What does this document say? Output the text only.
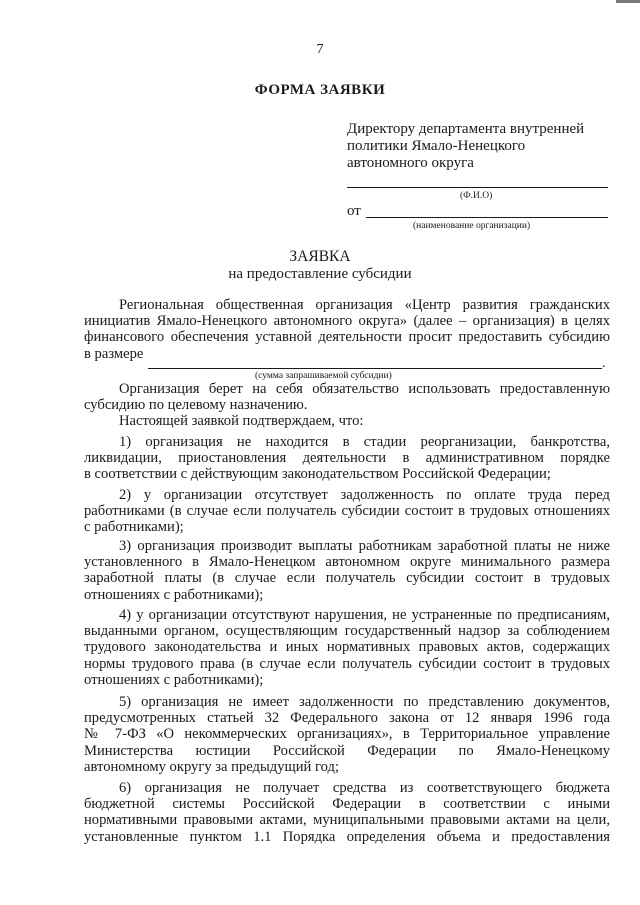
7
ФОРМА ЗАЯВКИ
Директору департамента внутренней
политики Ямало-Ненецкого
автономного округа
(Ф.И.О)
от
(наименование организации)
ЗАЯВКА
на предоставление субсидии
Региональная общественная организация «Центр развития гражданских
инициатив Ямало-Ненецкого автономного округа» (далее – организация) в целях
финансового обеспечения уставной деятельности просит предоставить субсидию
в размере
.
(сумма запрашиваемой субсидии)
Организация берет на себя обязательство использовать предоставленную
субсидию по целевому назначению.
Настоящей заявкой подтверждаем, что:
1) организация не находится в стадии реорганизации, банкротства,
ликвидации, приостановления деятельности в административном порядке
в соответствии с действующим законодательством Российской Федерации;
2) у организации отсутствует задолженность по оплате труда перед
работниками (в случае если получатель субсидии состоит в трудовых отношениях
с работниками);
3) организация производит выплаты работникам заработной платы не ниже
установленного в Ямало-Ненецком автономном округе минимального размера
заработной платы (в случае если получатель субсидии состоит в трудовых
отношениях с работниками);
4) у организации отсутствуют нарушения, не устраненные по предписаниям,
выданными органом, осуществляющим государственный надзор за соблюдением
трудового законодательства и иных нормативных правовых актов, содержащих
нормы трудового права (в случае если получатель субсидии состоит в трудовых
отношениях с работниками);
5) организация не имеет задолженности по представлению документов,
предусмотренных статьей 32 Федерального закона от 12 января 1996 года
№ 7-ФЗ «О некоммерческих организациях», в Территориальное управление
Министерства юстиции Российской Федерации по Ямало-Ненецкому
автономному округу за предыдущий год;
6) организация не получает средства из соответствующего бюджета
бюджетной системы Российской Федерации в соответствии с иными
нормативными правовыми актами, муниципальными правовыми актами на цели,
установленные пунктом 1.1 Порядка определения объема и предоставления
